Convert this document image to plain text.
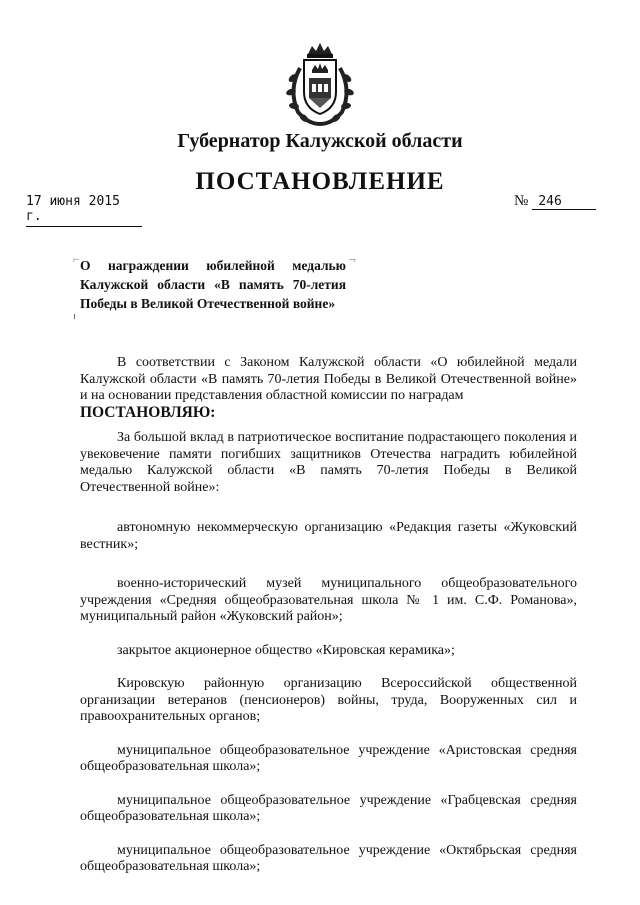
Губернатор Калужской области
ПОСТАНОВЛЕНИЕ
17 июня 2015 г.
№ 246
⌐	¬
О награждении юбилейной медалью Калужской области «В память 70-летия Победы в Великой Отечественной войне»

В соответствии с Законом Калужской области «О юбилейной медали Калужской области «В память 70-летия Победы в Великой Отечественной войне» и на основании представления областной комиссии по наградам

ПОСТАНОВЛЯЮ:

За большой вклад в патриотическое воспитание подрастающего поколения и увековечение памяти погибших защитников Отечества наградить юбилейной медалью Калужской области «В память 70-летия Победы в Великой Отечественной войне»:

автономную некоммерческую организацию «Редакция газеты «Жуковский вестник»;

военно-исторический музей муниципального общеобразовательного учреждения «Средняя общеобразовательная школа № 1 им. С.Ф. Романова», муниципальный район «Жуковский район»;

закрытое акционерное общество «Кировская керамика»;

Кировскую районную организацию Всероссийской общественной организации ветеранов (пенсионеров) войны, труда, Вооруженных сил и правоохранительных органов;

муниципальное общеобразовательное учреждение «Аристовская средняя общеобразовательная школа»;

муниципальное общеобразовательное учреждение «Грабцевская средняя общеобразовательная школа»;

муниципальное общеобразовательное учреждение «Октябрьская средняя общеобразовательная школа»;
